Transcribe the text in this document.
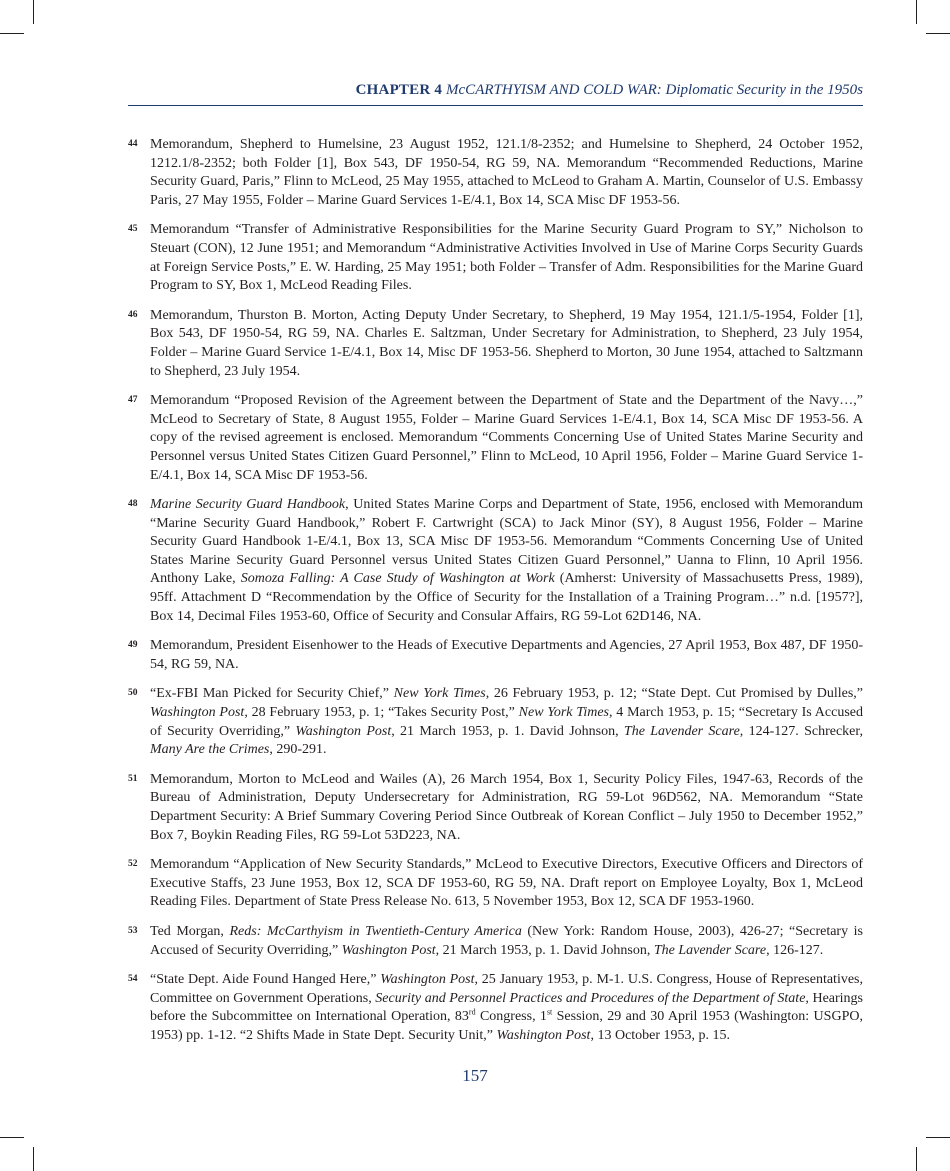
CHAPTER 4 McCARTHYISM AND COLD WAR: Diplomatic Security in the 1950s
44 Memorandum, Shepherd to Humelsine, 23 August 1952, 121.1/8-2352; and Humelsine to Shepherd, 24 October 1952, 1212.1/8-2352; both Folder [1], Box 543, DF 1950-54, RG 59, NA. Memorandum “Recommended Reductions, Marine Security Guard, Paris,” Flinn to McLeod, 25 May 1955, attached to McLeod to Graham A. Martin, Counselor of U.S. Embassy Paris, 27 May 1955, Folder – Marine Guard Services 1-E/4.1, Box 14, SCA Misc DF 1953-56.
45 Memorandum “Transfer of Administrative Responsibilities for the Marine Security Guard Program to SY,” Nicholson to Steuart (CON), 12 June 1951; and Memorandum “Administrative Activities Involved in Use of Marine Corps Security Guards at Foreign Service Posts,” E. W. Harding, 25 May 1951; both Folder – Transfer of Adm. Responsibilities for the Marine Guard Program to SY, Box 1, McLeod Reading Files.
46 Memorandum, Thurston B. Morton, Acting Deputy Under Secretary, to Shepherd, 19 May 1954, 121.1/5-1954, Folder [1], Box 543, DF 1950-54, RG 59, NA. Charles E. Saltzman, Under Secretary for Administration, to Shepherd, 23 July 1954, Folder – Marine Guard Service 1-E/4.1, Box 14, Misc DF 1953-56. Shepherd to Morton, 30 June 1954, attached to Saltzmann to Shepherd, 23 July 1954.
47 Memorandum “Proposed Revision of the Agreement between the Department of State and the Department of the Navy…,” McLeod to Secretary of State, 8 August 1955, Folder – Marine Guard Services 1-E/4.1, Box 14, SCA Misc DF 1953-56. A copy of the revised agreement is enclosed. Memorandum “Comments Concerning Use of United States Marine Security and Personnel versus United States Citizen Guard Personnel,” Flinn to McLeod, 10 April 1956, Folder – Marine Guard Service 1-E/4.1, Box 14, SCA Misc DF 1953-56.
48 Marine Security Guard Handbook, United States Marine Corps and Department of State, 1956, enclosed with Memorandum “Marine Security Guard Handbook,” Robert F. Cartwright (SCA) to Jack Minor (SY), 8 August 1956, Folder – Marine Security Guard Handbook 1-E/4.1, Box 13, SCA Misc DF 1953-56. Memorandum “Comments Concerning Use of United States Marine Security Guard Personnel versus United States Citizen Guard Personnel,” Uanna to Flinn, 10 April 1956. Anthony Lake, Somoza Falling: A Case Study of Washington at Work (Amherst: University of Massachusetts Press, 1989), 95ff. Attachment D “Recommendation by the Office of Security for the Installation of a Training Program…” n.d. [1957?], Box 14, Decimal Files 1953-60, Office of Security and Consular Affairs, RG 59-Lot 62D146, NA.
49 Memorandum, President Eisenhower to the Heads of Executive Departments and Agencies, 27 April 1953, Box 487, DF 1950-54, RG 59, NA.
50 “Ex-FBI Man Picked for Security Chief,” New York Times, 26 February 1953, p. 12; “State Dept. Cut Promised by Dulles,” Washington Post, 28 February 1953, p. 1; “Takes Security Post,” New York Times, 4 March 1953, p. 15; “Secretary Is Accused of Security Overriding,” Washington Post, 21 March 1953, p. 1. David Johnson, The Lavender Scare, 124-127. Schrecker, Many Are the Crimes, 290-291.
51 Memorandum, Morton to McLeod and Wailes (A), 26 March 1954, Box 1, Security Policy Files, 1947-63, Records of the Bureau of Administration, Deputy Undersecretary for Administration, RG 59-Lot 96D562, NA. Memorandum “State Department Security: A Brief Summary Covering Period Since Outbreak of Korean Conflict – July 1950 to December 1952,” Box 7, Boykin Reading Files, RG 59-Lot 53D223, NA.
52 Memorandum “Application of New Security Standards,” McLeod to Executive Directors, Executive Officers and Directors of Executive Staffs, 23 June 1953, Box 12, SCA DF 1953-60, RG 59, NA. Draft report on Employee Loyalty, Box 1, McLeod Reading Files. Department of State Press Release No. 613, 5 November 1953, Box 12, SCA DF 1953-1960.
53 Ted Morgan, Reds: McCarthyism in Twentieth-Century America (New York: Random House, 2003), 426-27; “Secretary is Accused of Security Overriding,” Washington Post, 21 March 1953, p. 1. David Johnson, The Lavender Scare, 126-127.
54 “State Dept. Aide Found Hanged Here,” Washington Post, 25 January 1953, p. M-1. U.S. Congress, House of Representatives, Committee on Government Operations, Security and Personnel Practices and Procedures of the Department of State, Hearings before the Subcommittee on International Operation, 83rd Congress, 1st Session, 29 and 30 April 1953 (Washington: USGPO, 1953) pp. 1-12. “2 Shifts Made in State Dept. Security Unit,” Washington Post, 13 October 1953, p. 15.
157
